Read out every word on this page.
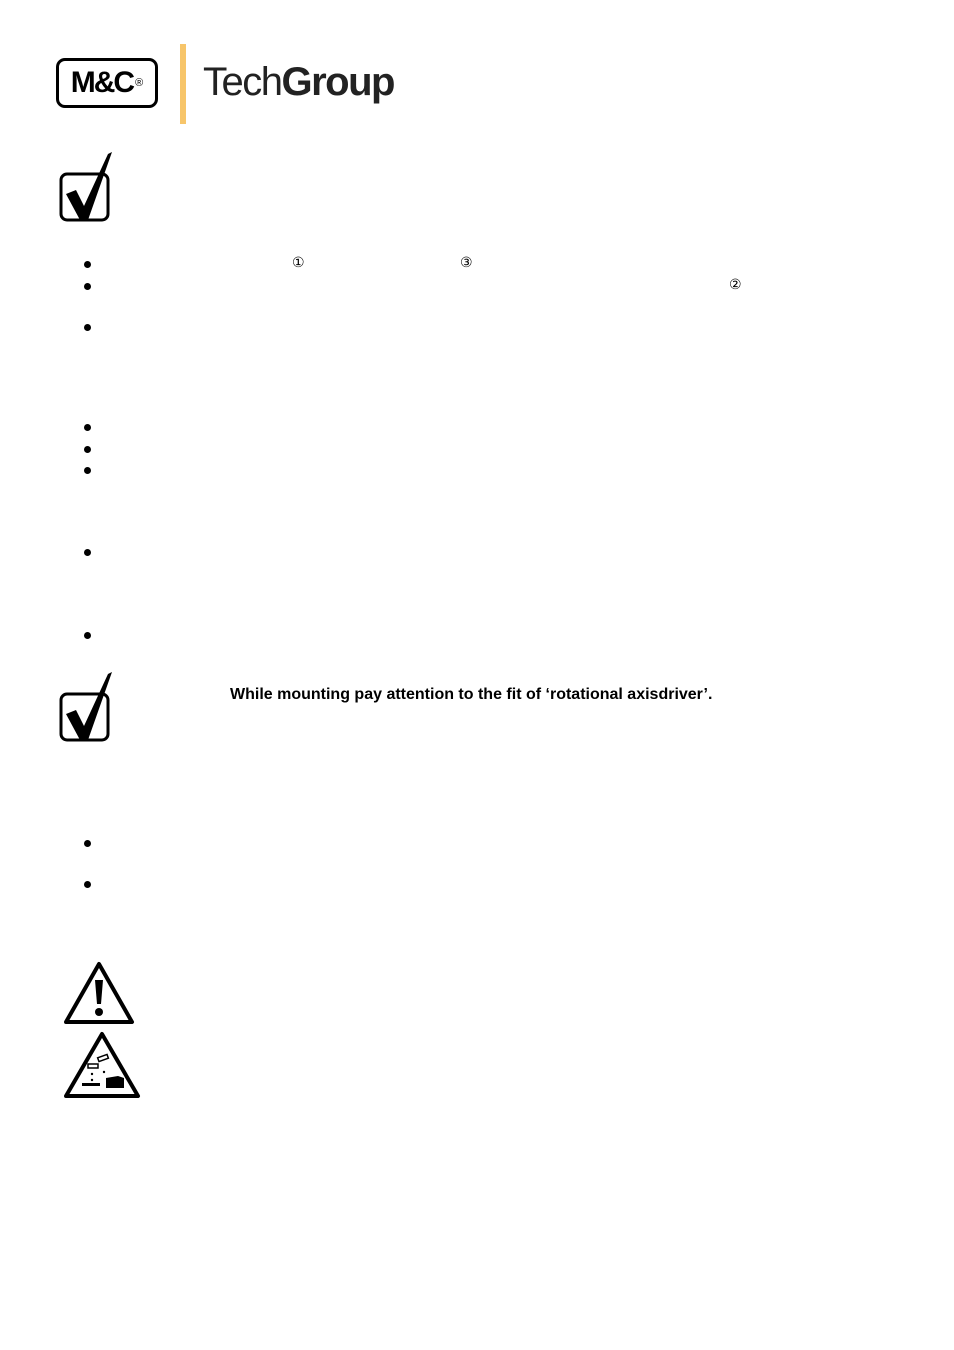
M&C ® TechGroup
①	③
②
While mounting pay attention to the fit of ‘rotational axisdriver’.
